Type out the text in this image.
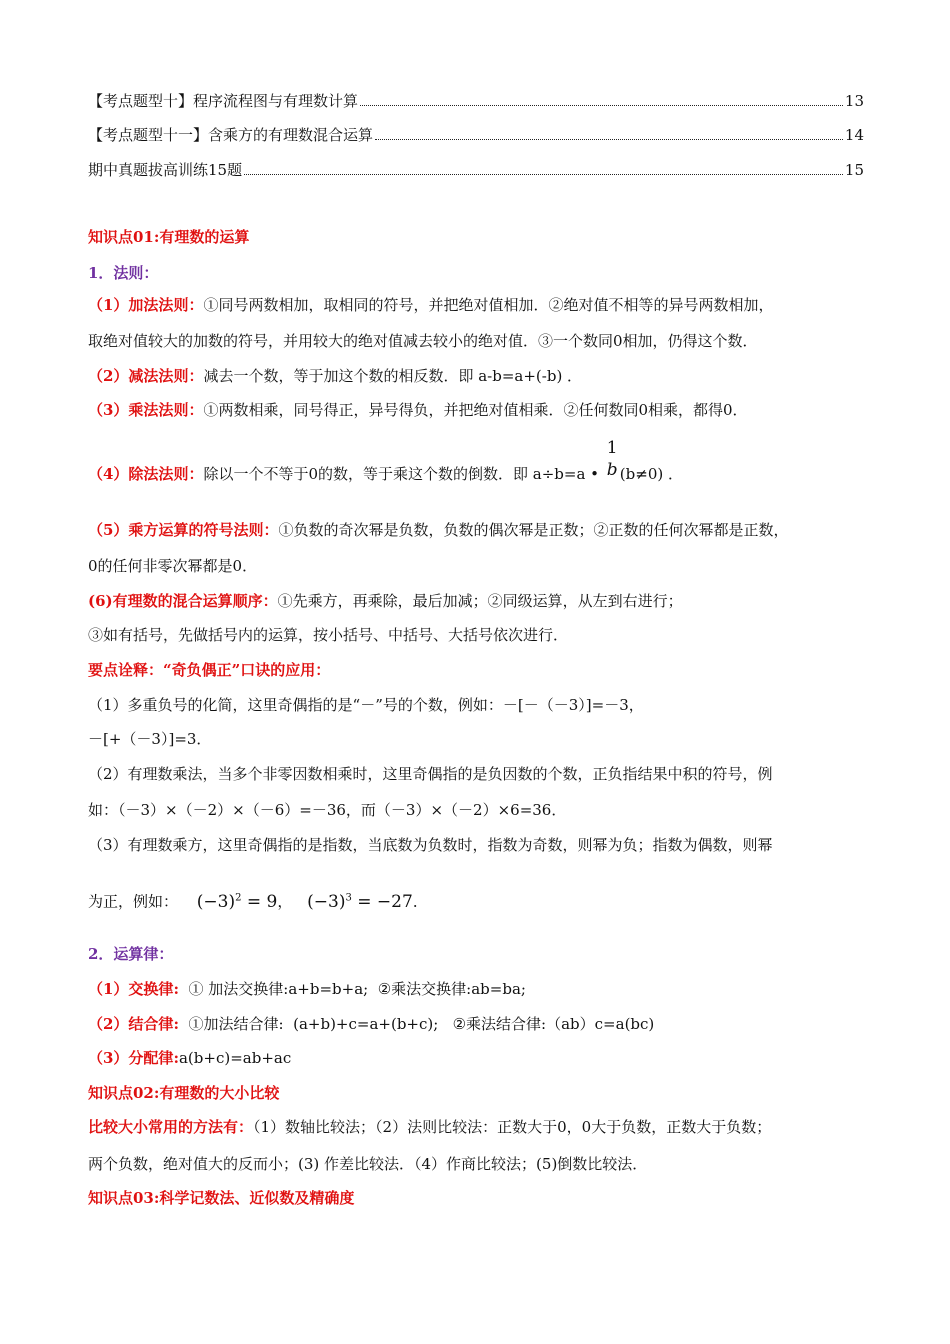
【考点题型十】程序流程图与有理数计算	13
【考点题型十一】含乘方的有理数混合运算	14
期中真题拔高训练15题	15
知识点01:有理数的运算
1．法则：
（1）加法法则：①同号两数相加，取相同的符号，并把绝对值相加．②绝对值不相等的异号两数相加，
取绝对值较大的加数的符号，并用较大的绝对值减去较小的绝对值．③一个数同0相加，仍得这个数．
（2）减法法则：减去一个数，等于加这个数的相反数．即 a-b=a+(-b) ．
（3）乘法法则：①两数相乘，同号得正，异号得负，并把绝对值相乘．②任何数同0相乘，都得0．
（4）除法法则：除以一个不等于0的数，等于乘这个数的倒数．即 a÷b=a •
1
b (b≠0) ．
（5）乘方运算的符号法则：①负数的奇次幂是负数，负数的偶次幂是正数；②正数的任何次幂都是正数，
0的任何非零次幂都是0．
(6)有理数的混合运算顺序：①先乘方，再乘除，最后加减；②同级运算，从左到右进行；
③如有括号，先做括号内的运算，按小括号、中括号、大括号依次进行．
要点诠释：“奇负偶正”口诀的应用：
（1）多重负号的化简，这里奇偶指的是“－”号的个数，例如：－[－（－3）]=－3，
－[+（－3）]=3．
（2）有理数乘法，当多个非零因数相乘时，这里奇偶指的是负因数的个数，正负指结果中积的符号，例
如：（－3）×（－2）×（－6）=－36，而（－3）×（－2）×6=36．
（3）有理数乘方，这里奇偶指的是指数，当底数为负数时，指数为奇数，则幂为负；指数为偶数，则幂
为正，例如： $(-3)^2 = 9$， $(-3)^3 = -27$．
2．运算律：
（1）交换律:  ① 加法交换律:a+b=b+a;  ②乘法交换律:ab=ba;
（2）结合律:  ①加法结合律:  (a+b)+c=a+(b+c);   ②乘法结合律:（ab）c=a(bc)
（3）分配律:a(b+c)=ab+ac
知识点02:有理数的大小比较
比较大小常用的方法有：（1）数轴比较法；（2）法则比较法：正数大于0，0大于负数，正数大于负数；
两个负数，绝对值大的反而小；(3) 作差比较法．（4）作商比较法；(5)倒数比较法．
知识点03:科学记数法、近似数及精确度
